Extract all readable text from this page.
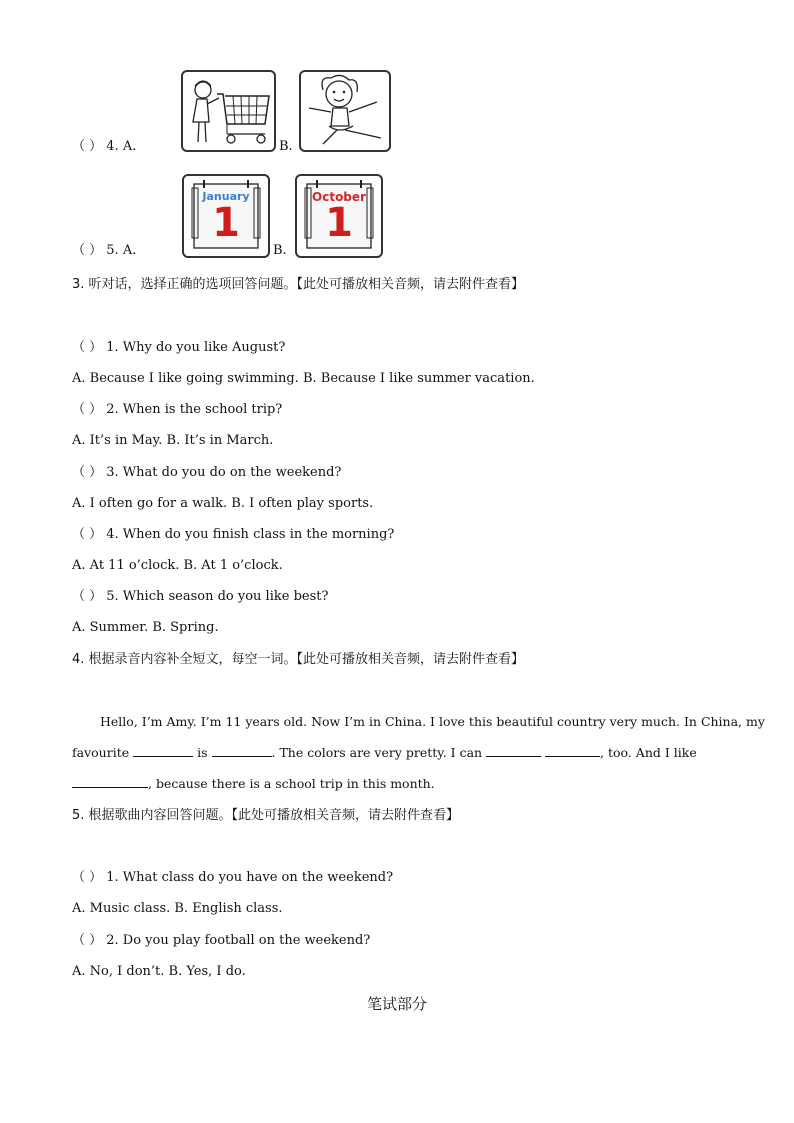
（ ） 4. A.	B.
（ ） 5. A.
January
1
B.
October
1
3. 听对话，选择正确的选项回答问题。【此处可播放相关音频，请去附件查看】
（ ） 1. Why do you like August?
A. Because I like going swimming. B. Because I like summer vacation.
（ ） 2. When is the school trip?
A. It’s in May. B. It’s in March.
（ ） 3. What do you do on the weekend?
A. I often go for a walk. B. I often play sports.
（ ） 4. When do you finish class in the morning?
A. At 11 o’clock. B. At 1 o’clock.
（ ） 5. Which season do you like best?
A. Summer. B. Spring.
4. 根据录音内容补全短文，每空一词。【此处可播放相关音频，请去附件查看】
Hello, I’m Amy. I’m 11 years old. Now I’m in China. I love this beautiful country very much. In China, my
favourite	is	. The colors are very pretty. I can	, too. And I like
, because there is a school trip in this month.
5. 根据歌曲内容回答问题。【此处可播放相关音频，请去附件查看】
（ ） 1. What class do you have on the weekend?
A. Music class. B. English class.
（ ） 2. Do you play football on the weekend?
A. No, I don’t. B. Yes, I do.
笔试部分
